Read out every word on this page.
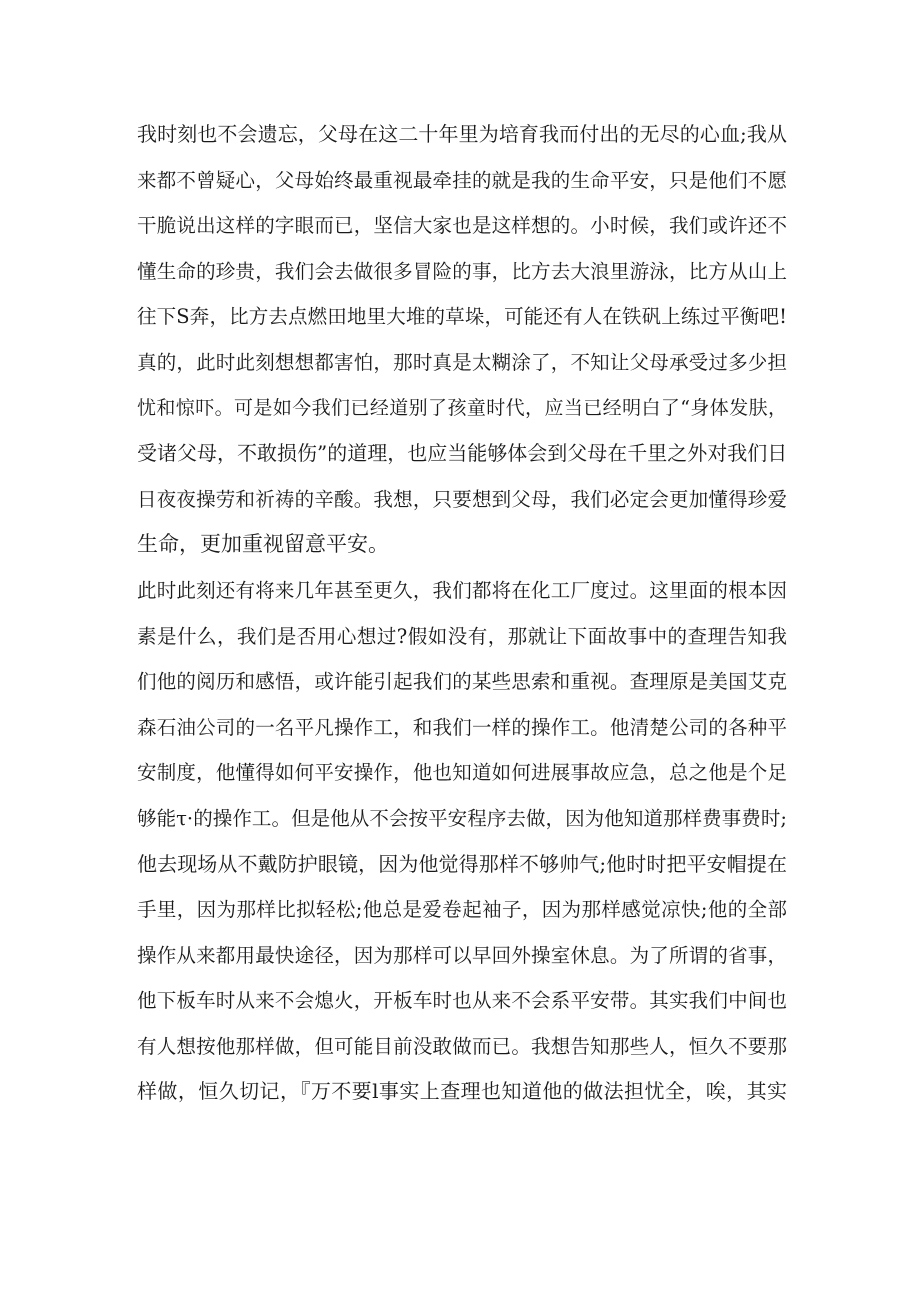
我时刻也不会遗忘，父母在这二十年里为培育我而付出的无尽的心血;我从
来都不曾疑心，父母始终最重视最牵挂的就是我的生命平安，只是他们不愿
干脆说出这样的字眼而已，坚信大家也是这样想的。小时候，我们或许还不
懂生命的珍贵，我们会去做很多冒险的事，比方去大浪里游泳，比方从山上
往下S奔，比方去点燃田地里大堆的草垛，可能还有人在铁矾上练过平衡吧!
真的，此时此刻想想都害怕，那时真是太糊涂了，不知让父母承受过多少担
忧和惊吓。可是如今我们已经道别了孩童时代，应当已经明白了“身体发肤，
受诸父母，不敢损伤”的道理，也应当能够体会到父母在千里之外对我们日
日夜夜操劳和祈祷的辛酸。我想，只要想到父母，我们必定会更加懂得珍爱
生命，更加重视留意平安。
此时此刻还有将来几年甚至更久，我们都将在化工厂度过。这里面的根本因
素是什么，我们是否用心想过?假如没有，那就让下面故事中的查理告知我
们他的阅历和感悟，或许能引起我们的某些思索和重视。查理原是美国艾克
森石油公司的一名平凡操作工，和我们一样的操作工。他清楚公司的各种平
安制度，他懂得如何平安操作，他也知道如何进展事故应急，总之他是个足
够能τ·的操作工。但是他从不会按平安程序去做，因为他知道那样费事费时;
他去现场从不戴防护眼镜，因为他觉得那样不够帅气;他时时把平安帽提在
手里，因为那样比拟轻松;他总是爱卷起袖子，因为那样感觉凉快;他的全部
操作从来都用最快途径，因为那样可以早回外操室休息。为了所谓的省事，
他下板车时从来不会熄火，开板车时也从来不会系平安带。其实我们中间也
有人想按他那样做，但可能目前没敢做而已。我想告知那些人，恒久不要那
样做，恒久切记，『万不要l事实上查理也知道他的做法担忧全，唉，其实
